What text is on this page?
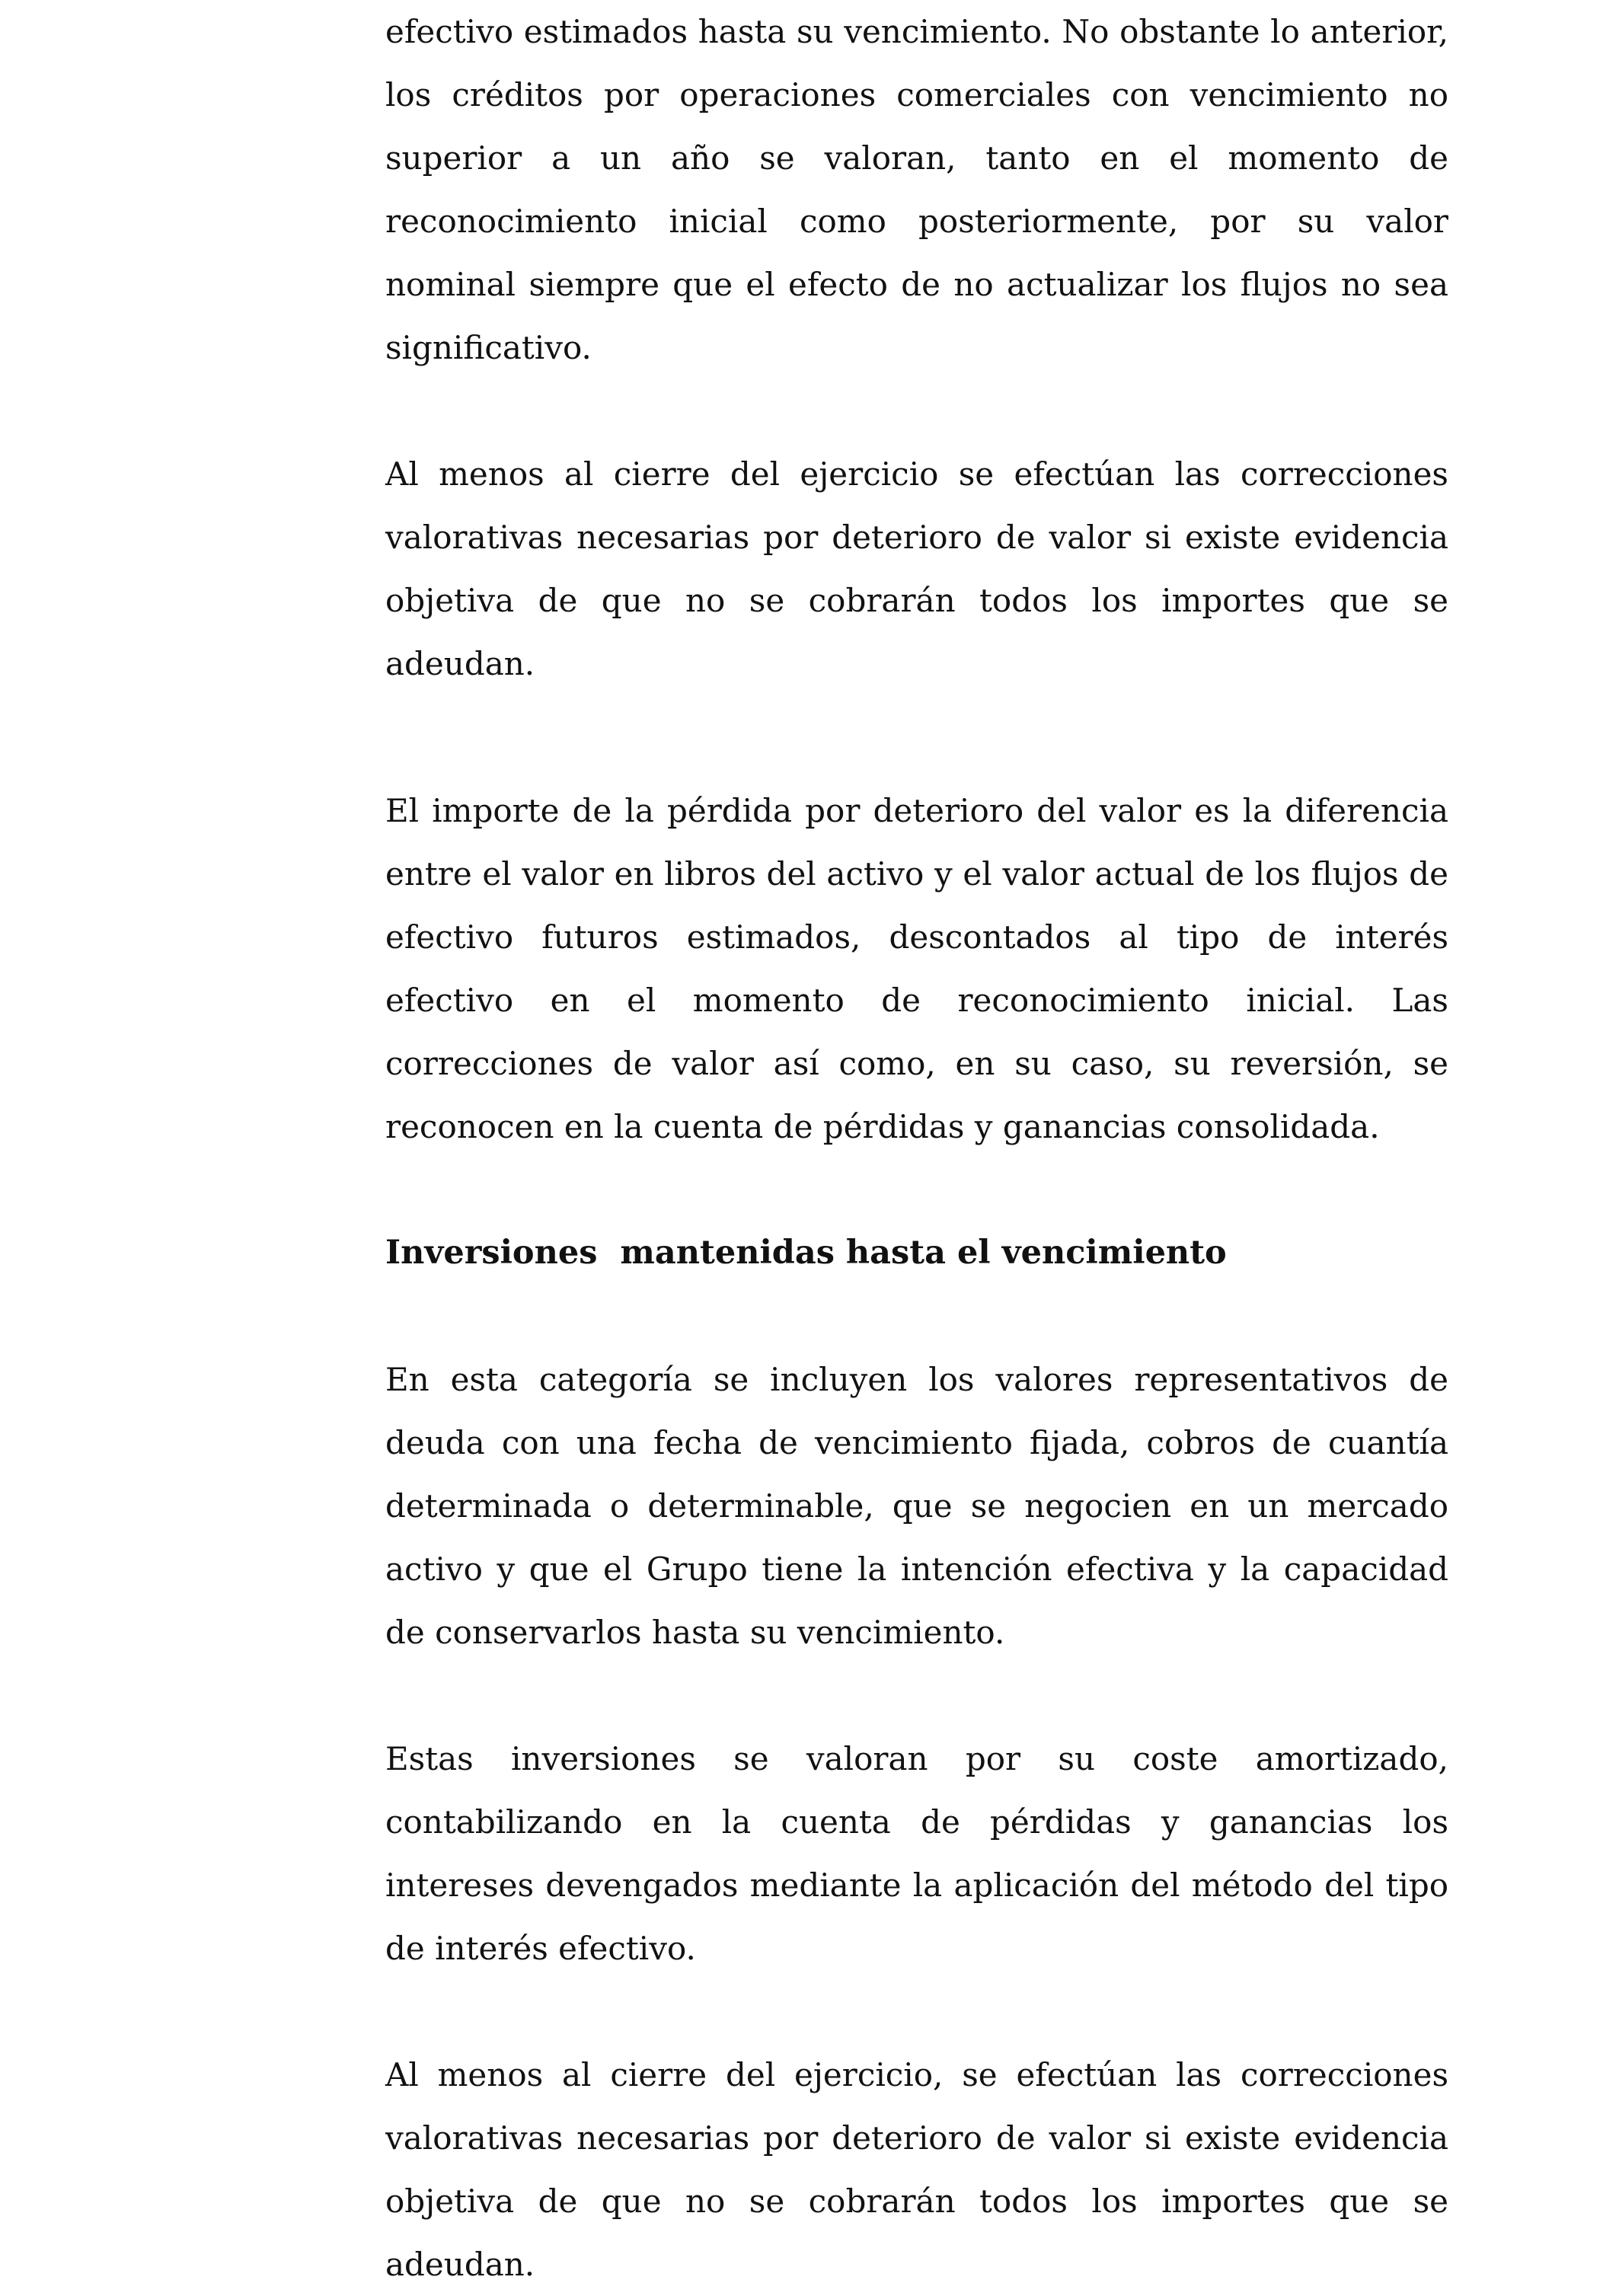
efectivo estimados hasta su vencimiento. No obstante lo anterior, los créditos por operaciones comerciales con vencimiento no superior a un año se valoran, tanto en el momento de reconocimiento inicial como posteriormente, por su valor nominal siempre que el efecto de no actualizar los flujos no sea significativo.

Al menos al cierre del ejercicio se efectúan las correcciones valorativas necesarias por deterioro de valor si existe evidencia objetiva de que no se cobrarán todos los importes que se adeudan.

El importe de la pérdida por deterioro del valor es la diferencia entre el valor en libros del activo y el valor actual de los flujos de efectivo futuros estimados, descontados al tipo de interés efectivo en el momento de reconocimiento inicial. Las correcciones de valor así como, en su caso, su reversión, se reconocen en la cuenta de pérdidas y ganancias consolidada.

Inversiones  mantenidas hasta el vencimiento

En esta categoría se incluyen los valores representativos de deuda con una fecha de vencimiento fijada, cobros de cuantía determinada o determinable, que se negocien en un mercado activo y que el Grupo tiene la intención efectiva y la capacidad de conservarlos hasta su vencimiento.

Estas inversiones se valoran por su coste amortizado, contabilizando en la cuenta de pérdidas y ganancias los intereses devengados mediante la aplicación del método del tipo de interés efectivo.

Al menos al cierre del ejercicio, se efectúan las correcciones valorativas necesarias por deterioro de valor si existe evidencia objetiva de que no se cobrarán todos los importes que se adeudan.
